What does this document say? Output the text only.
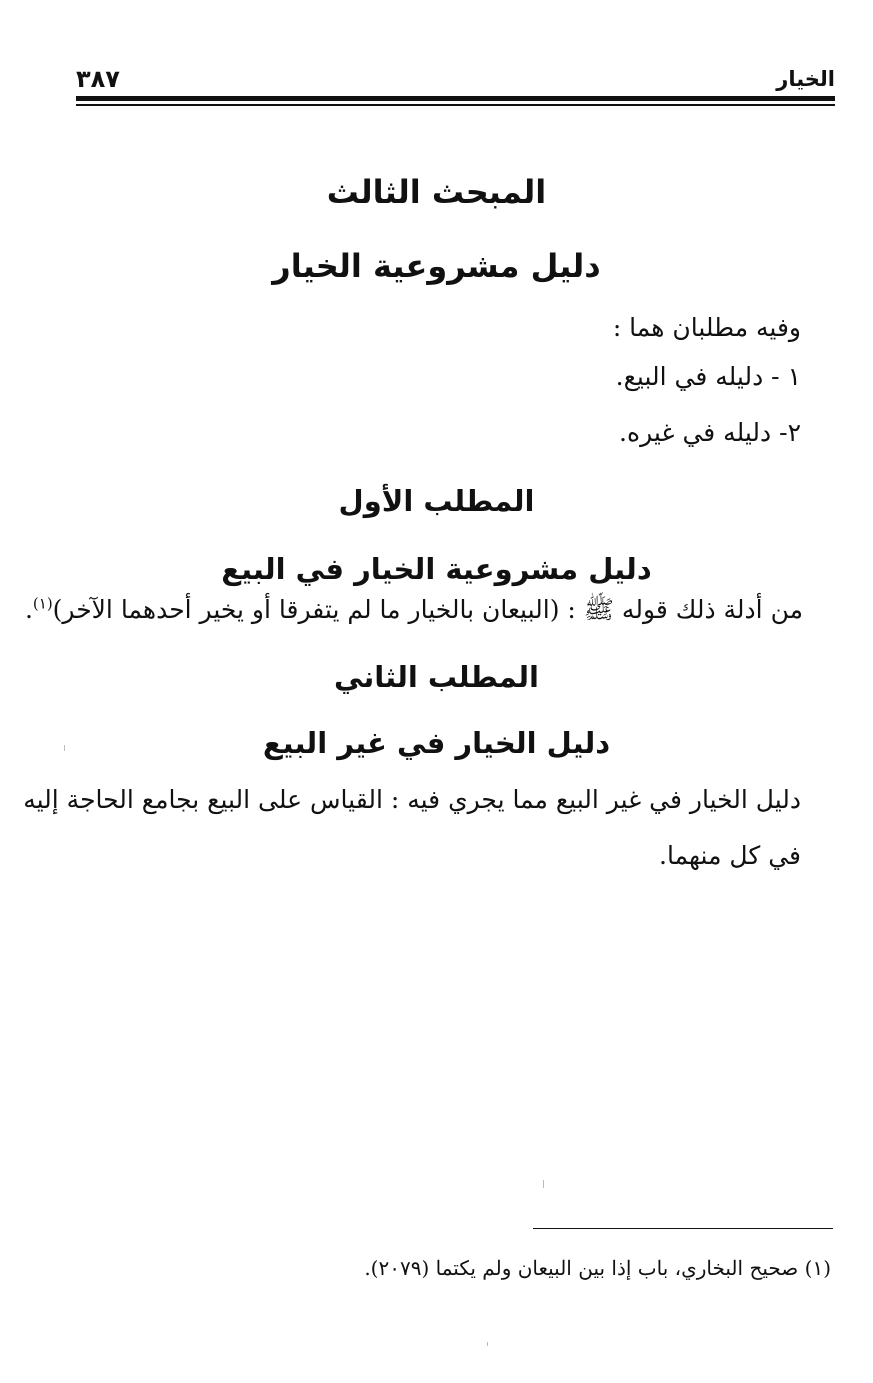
الخيار
٣٨٧
المبحث الثالث
دليل مشروعية الخيار
وفيه مطلبان هما :
١ - دليله في البيع.
٢- دليله في غيره.
المطلب الأول
دليل مشروعية الخيار في البيع
من أدلة ذلك قوله ﷺ : (البيعان بالخيار ما لم يتفرقا أو يخير أحدهما الآخر)$^{(١)}$.
المطلب الثاني
دليل الخيار في غير البيع
دليل الخيار في غير البيع مما يجري فيه : القياس على البيع بجامع الحاجة إليه
في كل منهما.
(١) صحيح البخاري، باب إذا بين البيعان ولم يكتما (٢٠٧٩).
